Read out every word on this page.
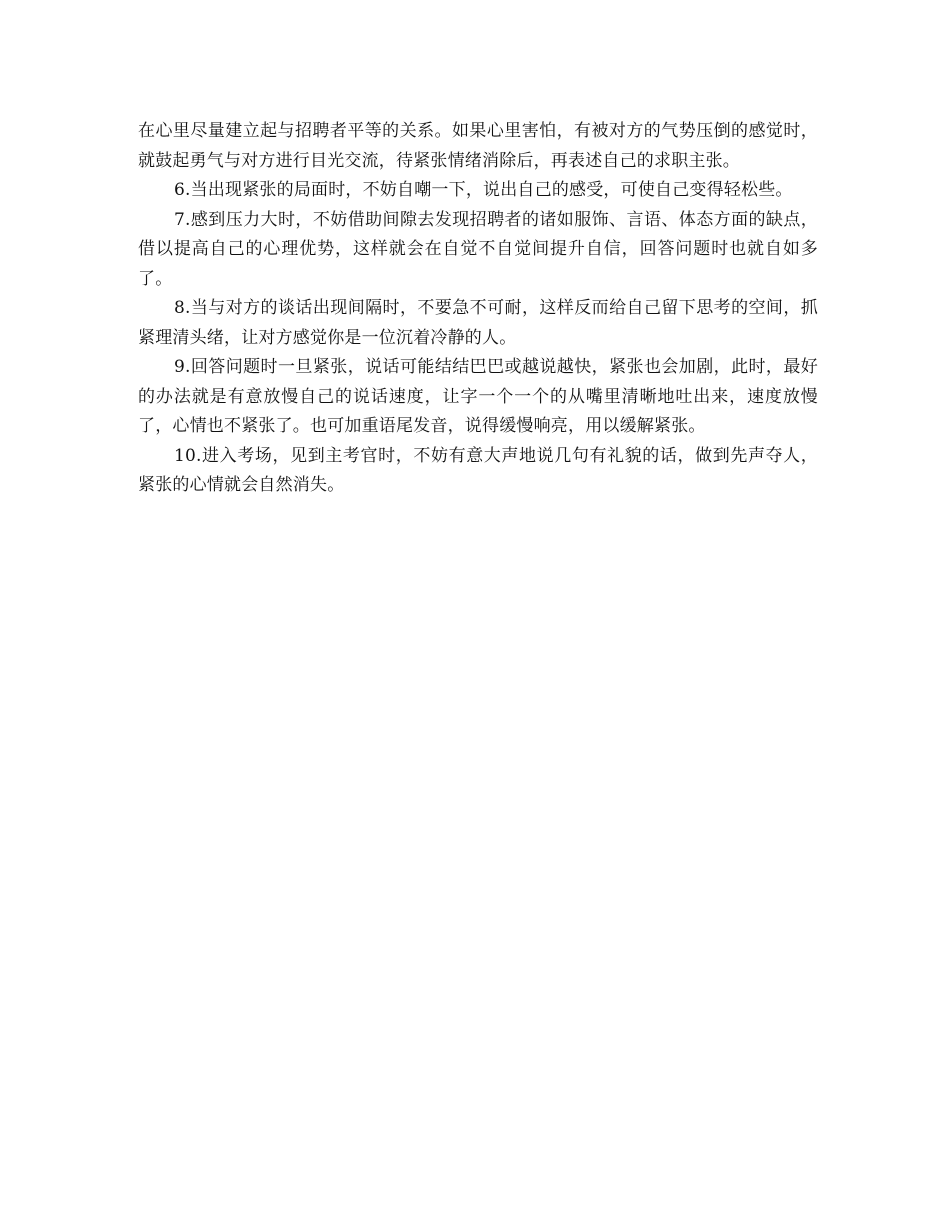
在心里尽量建立起与招聘者平等的关系。如果心里害怕，有被对方的气势压倒的感觉时，就鼓起勇气与对方进行目光交流，待紧张情绪消除后，再表述自己的求职主张。

6.当出现紧张的局面时，不妨自嘲一下，说出自己的感受，可使自己变得轻松些。

7.感到压力大时，不妨借助间隙去发现招聘者的诸如服饰、言语、体态方面的缺点，借以提高自己的心理优势，这样就会在自觉不自觉间提升自信，回答问题时也就自如多了。

8.当与对方的谈话出现间隔时，不要急不可耐，这样反而给自己留下思考的空间，抓紧理清头绪，让对方感觉你是一位沉着冷静的人。

9.回答问题时一旦紧张，说话可能结结巴巴或越说越快，紧张也会加剧，此时，最好的办法就是有意放慢自己的说话速度，让字一个一个的从嘴里清晰地吐出来，速度放慢了，心情也不紧张了。也可加重语尾发音，说得缓慢响亮，用以缓解紧张。

10.进入考场，见到主考官时，不妨有意大声地说几句有礼貌的话，做到先声夺人，紧张的心情就会自然消失。
